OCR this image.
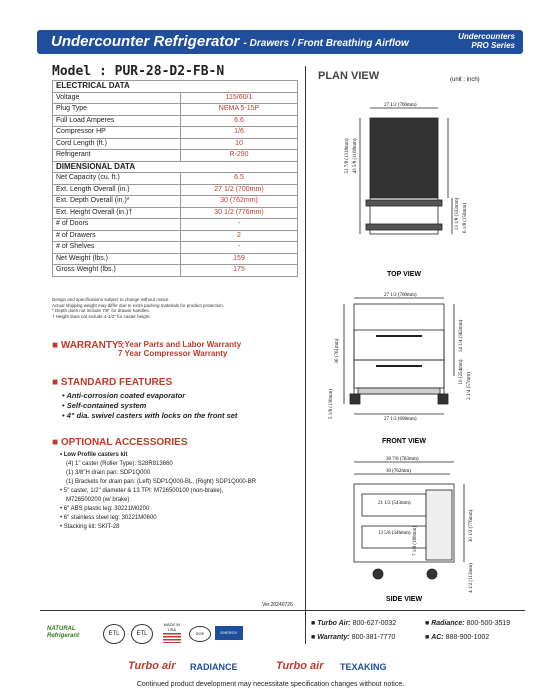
Undercounter Refrigerator - Drawers / Front Breathing Airflow
Undercounters
PRO Series
Model : PUR-28-D2-FB-N
ELECTRICAL DATA	
Voltage	115/60/1
Plug Type	NEMA 5-15P
Full Load Amperes	6.6
Compressor HP	1/6
Cord Length (ft.)	10
Refrigerant	R-290
DIMENSIONAL DATA	
Net Capacity (cu. ft.)	6.5
Ext. Length Overall (in.)	27 1/2 (700mm)
Ext. Depth Overall (in.)*	30 (762mm)
Ext. Height Overall (in.)†	30 1/2 (776mm)
# of Doors	-
# of Drawers	2
# of Shelves	-
Net Weight (lbs.)	159
Gross Weight (lbs.)	175
Design and specifications subject to change without notice.
Actual shipping weight may differ due to extra packing materials for product protection.
* Depth does not include 7/8" for drawer handles.
† Height does not include 4-1/2" for caster height.
■ WARRANTY :
5 Year Parts and Labor Warranty
7 Year Compressor Warranty
■ STANDARD FEATURES
• Anti-corrosion coated evaporator
• Self-contained system
• 4" dia. swivel casters with locks on the front set
■ OPTIONAL ACCESSORIES
• Low Profile casters kit
(4) 1" caster (Roller Type): S28R813660
(1) 3/8"H drain pan: SDP1Q000
(1) Brackets for drain pan: (Left) SDP1Q000-BL, (Right) SDP1Q000-BR
• 5" caster, 1/2" diameter & 13 TPI: M726500100 (non-brake),
M726500200 (w/ brake)
• 6" ABS plastic leg: 30221M0200
• 6" stainless steel leg: 30221M0600
• Stacking kit: SKIT-28
Ver.20240726
PLAN VIEW	(unit : inch)
27 1/2 (700mm)
51 7/8 (1318mm) 43 5/8 (1108mm)
13 1/8 (333mm) 6 1/8 (156mm)
TOP VIEW
27 1/2 (700mm)
27 1/2 (698mm)
30 (761mm)	14 1/4 (362mm)
10 (254mm)
2 1/4 (57mm)
5 1/8 (130mm)
FRONT VIEW
30 7/8 (783mm)
30 (762mm)
21 1/2 (543mm)
13 5/8 (346mm)	30 1/2 (776mm)
7 1/8 (180mm)
4 1/2 (113mm)
SIDE VIEW
NATURAL Refrigerant	ETL	ETL
MADE IN USA
DOE	ENERGY
■ Turbo Air: 800-627-0032	■ Radiance: 800-500-3519
■ Warranty: 800-381-7770	■ AC: 888-900-1002
Turbo air RADIANCE	Turbo air TEXAKING
Continued product development may necessitate specification changes without notice.
